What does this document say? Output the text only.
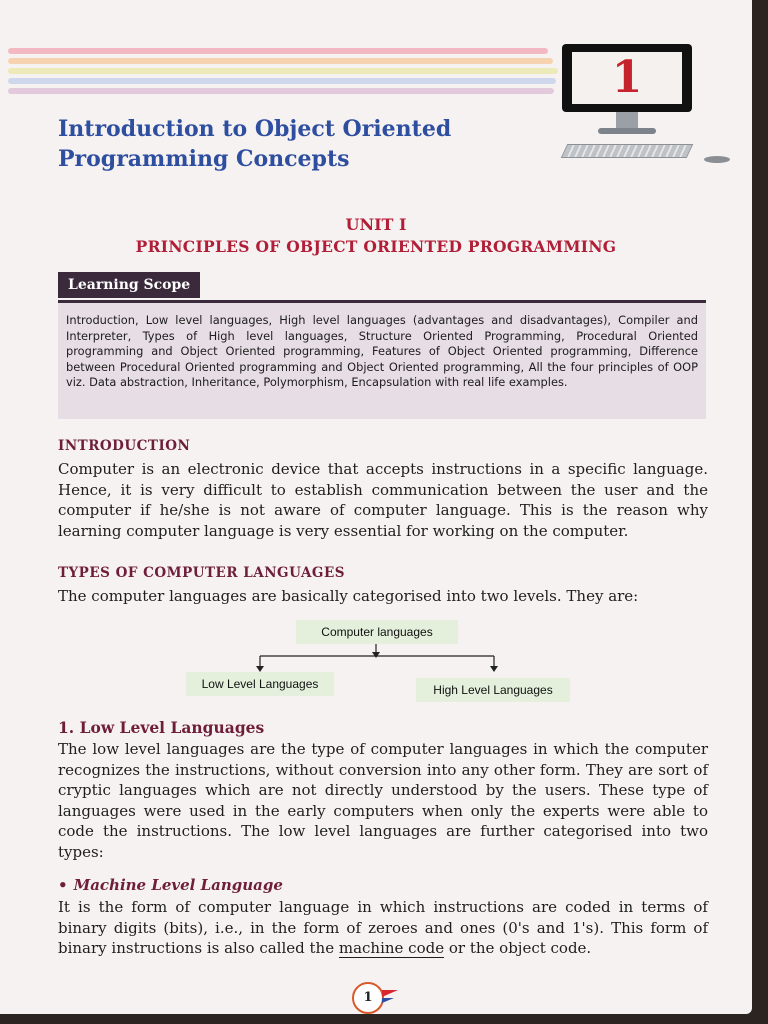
1
Introduction to Object Oriented
Programming Concepts
UNIT I
PRINCIPLES OF OBJECT ORIENTED PROGRAMMING
Learning Scope
Introduction, Low level languages, High level languages (advantages and disadvantages), Compiler and Interpreter, Types of High level languages, Structure Oriented Programming, Procedural Oriented programming and Object Oriented programming, Features of Object Oriented programming, Difference between Procedural Oriented programming and Object Oriented programming, All the four principles of OOP viz. Data abstraction, Inheritance, Polymorphism, Encapsulation with real life examples.
INTRODUCTION
Computer is an electronic device that accepts instructions in a specific language. Hence, it is very difficult to establish communication between the user and the computer if he/she is not aware of computer language. This is the reason why learning computer language is very essential for working on the computer.
TYPES OF COMPUTER LANGUAGES
The computer languages are basically categorised into two levels. They are:
Computer languages
Low Level Languages	High Level Languages
1. Low Level Languages
The low level languages are the type of computer languages in which the computer recognizes the instructions, without conversion into any other form. They are sort of cryptic languages which are not directly understood by the users. These type of languages were used in the early computers when only the experts were able to code the instructions. The low level languages are further categorised into two types:
• Machine Level Language
It is the form of computer language in which instructions are coded in terms of binary digits (bits), i.e., in the form of zeroes and ones (0's and 1's). This form of binary instructions is also called the machine code or the object code.
1
